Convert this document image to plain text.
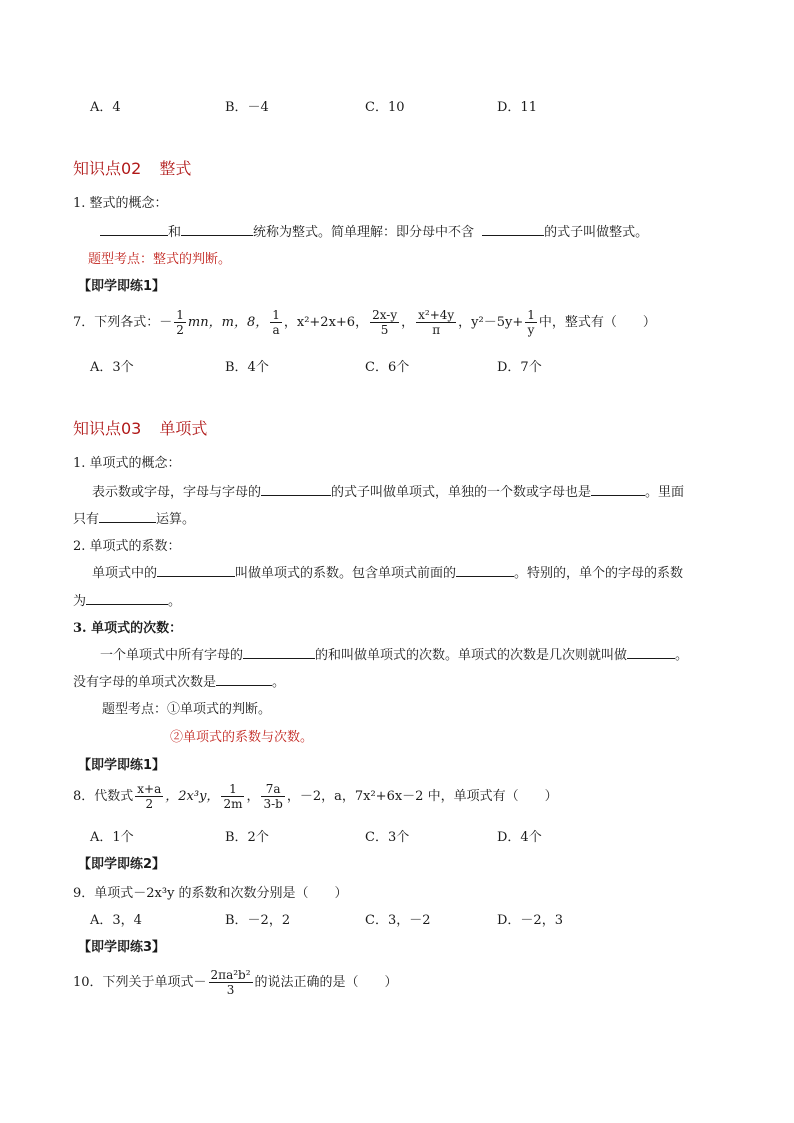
A．4	B．－4	C．10	D．11
知识点02 整式
1. 整式的概念：
和	统称为整式。简单理解：即分母中不含	的式子叫做整式。
题型考点：整式的判断。
【即学即练1】
7．下列各式：－ $\frac{1}{2}$ mn，m，8， $\frac{1}{a}$ ，x²+2x+6， $\frac{2x-y}{5}$ ， $\frac{\text{x²+4y}}{\pi}$ ，$y^2-5y+ \frac{1}{y}$ 中，整式有（　　）
A．3个	B．4个	C．6个	D．7个
知识点03 单项式
1. 单项式的概念：
表示数或字母，字母与字母的	的式子叫做单项式，单独的一个数或字母也是	。里面
只有	运算。
2. 单项式的系数：
单项式中的	叫做单项式的系数。包含单项式前面的	。特别的，单个的字母的系数
为	。
3. 单项式的次数：
一个单项式中所有字母的	的和叫做单项式的次数。单项式的次数是几次则就叫做	。
没有字母的单项式次数是	。
题型考点：①单项式的判断。
②单项式的系数与次数。
【即学即练1】
8．代数式 $\frac{x+a}{2}$ ，2x³y， $\frac{1}{2m}$ ， $\frac{7a}{3-b}$ ，－2，a，7x²+6x－2 中，单项式有（　　）
A．1个	B．2个	C．3个	D．4个
【即学即练2】
9．单项式－2x³y 的系数和次数分别是（　　）
A．3，4	B．－2，2	C．3，－2	D．－2，3
【即学即练3】
10．下列关于单项式－ $\frac{\text{2πa²b²}}{3}$ 的说法正确的是（　　）
